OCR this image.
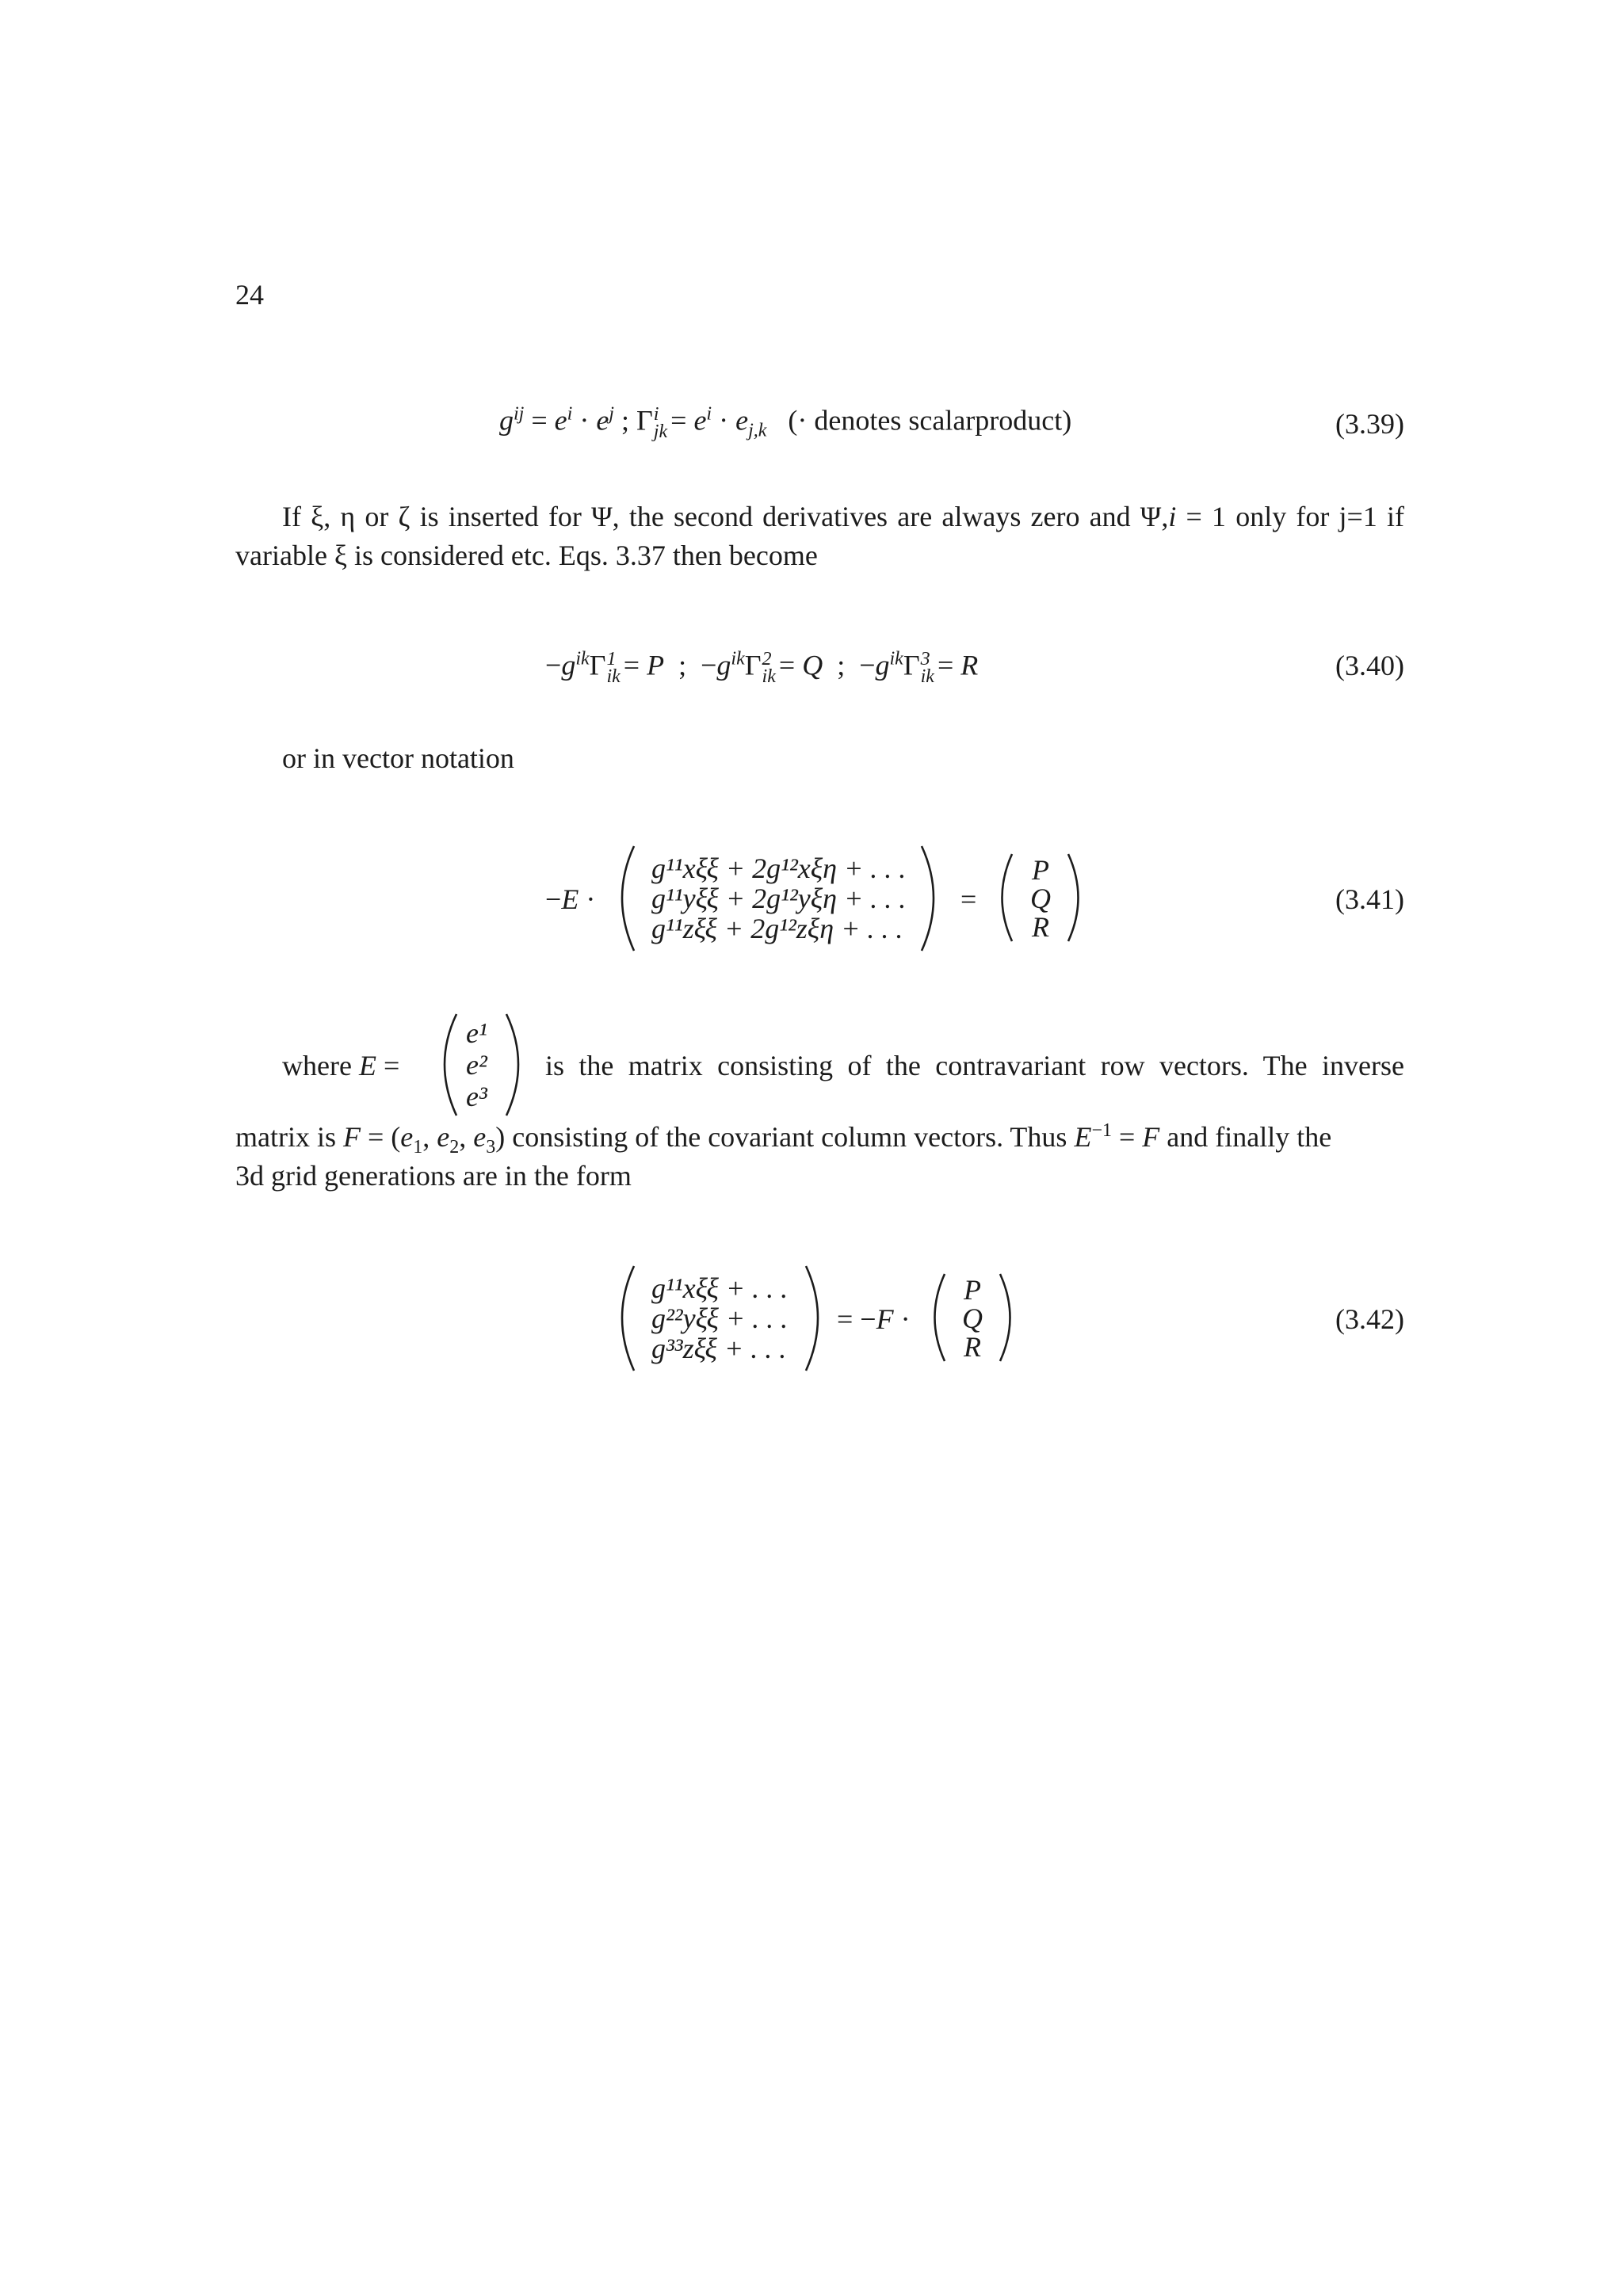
24
$g^{ij} = e^i \cdot e^j$ ; Γ i
jk = $e^i \cdot e_{j,k}$ (· denotes scalarproduct)	(3.39)
If ξ, η or ζ is inserted for Ψ, the second derivatives are always zero and Ψ,i = 1 only for j=1 if variable ξ is considered etc. Eqs. 3.37 then become
$-g^{ik}\Gamma$ 1
ik = P  ;  $-g^{ik}\Gamma$ 2
ik = Q  ;  $-g^{ik}\Gamma$ 3
ik = R	(3.40)
or in vector notation
−E ·
g¹¹xξξ + 2g¹²xξη + . . .
g¹¹yξξ + 2g¹²yξη + . . .
g¹¹zξξ + 2g¹²zξη + . . .
=
P
Q
R
(3.41)
where E =
e¹
e²
e³
is the matrix consisting of the contravariant row vectors. The inverse
matrix is $F = (e_1$, $e_2$, $e_3$) consisting of the covariant column vectors. Thus $E^{-1} = F$ and finally the
3d grid generations are in the form
g¹¹xξξ + . . .
g²²yξξ + . . .
g³³zξξ + . . .
= −F ·
P
Q
R
(3.42)
